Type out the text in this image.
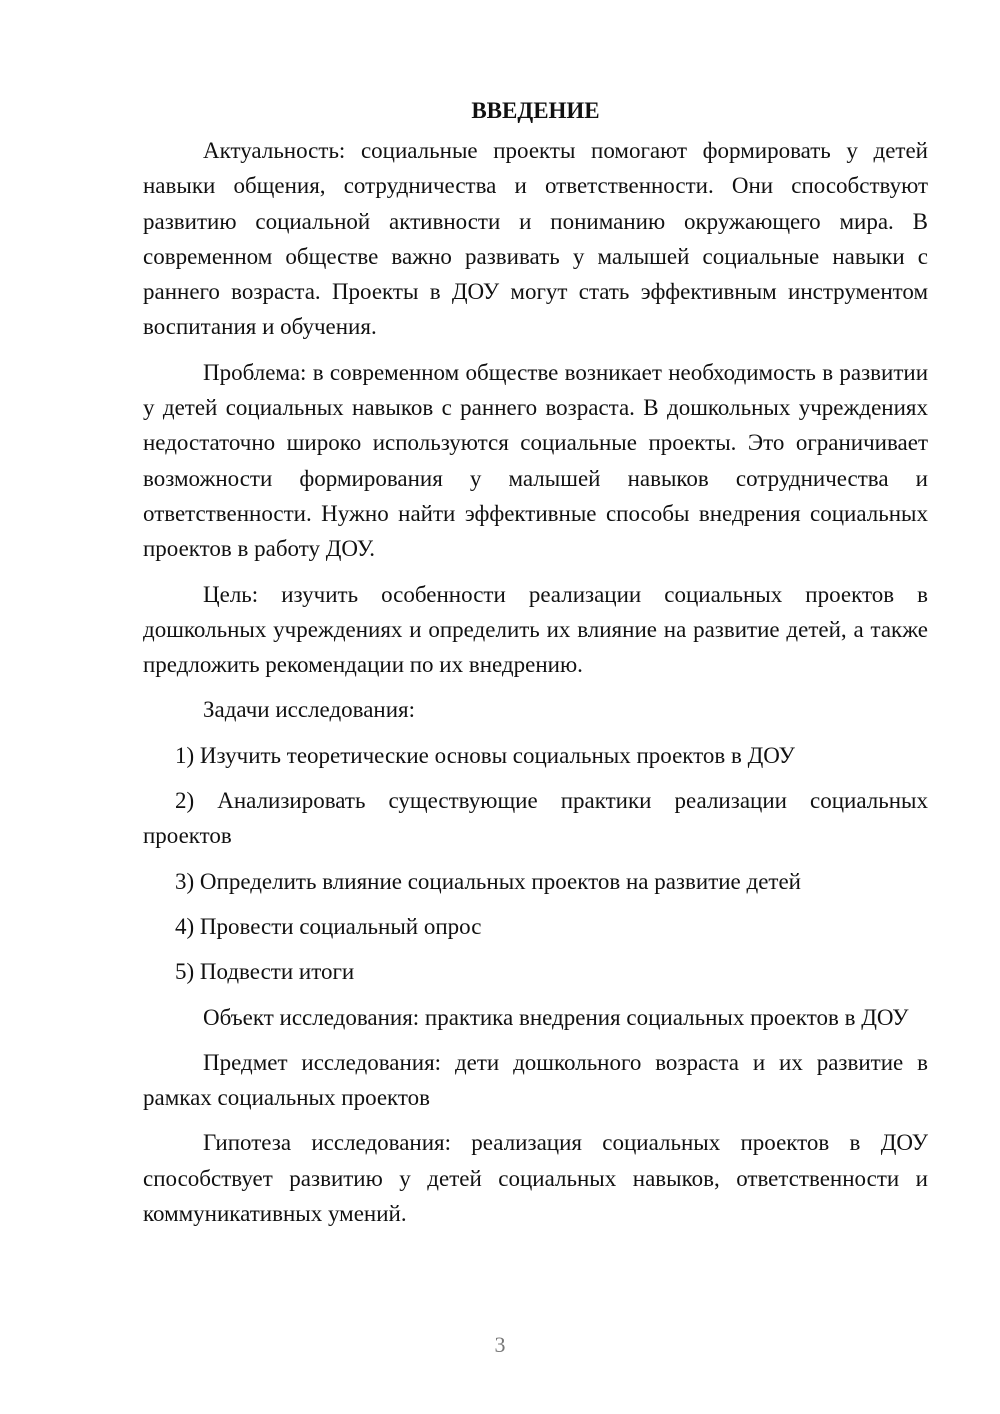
ВВЕДЕНИЕ

Актуальность: социальные проекты помогают формировать у детей навыки общения, сотрудничества и ответственности. Они способствуют развитию социальной активности и пониманию окружающего мира. В современном обществе важно развивать у малышей социальные навыки с раннего возраста. Проекты в ДОУ могут стать эффективным инструментом воспитания и обучения.

Проблема: в современном обществе возникает необходимость в развитии у детей социальных навыков с раннего возраста. В дошкольных учреждениях недостаточно широко используются социальные проекты. Это ограничивает возможности формирования у малышей навыков сотрудничества и ответственности. Нужно найти эффективные способы внедрения социальных проектов в работу ДОУ.

Цель: изучить особенности реализации социальных проектов в дошкольных учреждениях и определить их влияние на развитие детей, а также предложить рекомендации по их внедрению.

Задачи исследования:

1) Изучить теоретические основы социальных проектов в ДОУ

2) Анализировать существующие практики реализации социальных проектов

3) Определить влияние социальных проектов на развитие детей

4) Провести социальный опрос

5) Подвести итоги

Объект исследования: практика внедрения социальных проектов в ДОУ

Предмет исследования: дети дошкольного возраста и их развитие в рамках социальных проектов

Гипотеза исследования: реализация социальных проектов в ДОУ способствует развитию у детей социальных навыков, ответственности и коммуникативных умений.

3
